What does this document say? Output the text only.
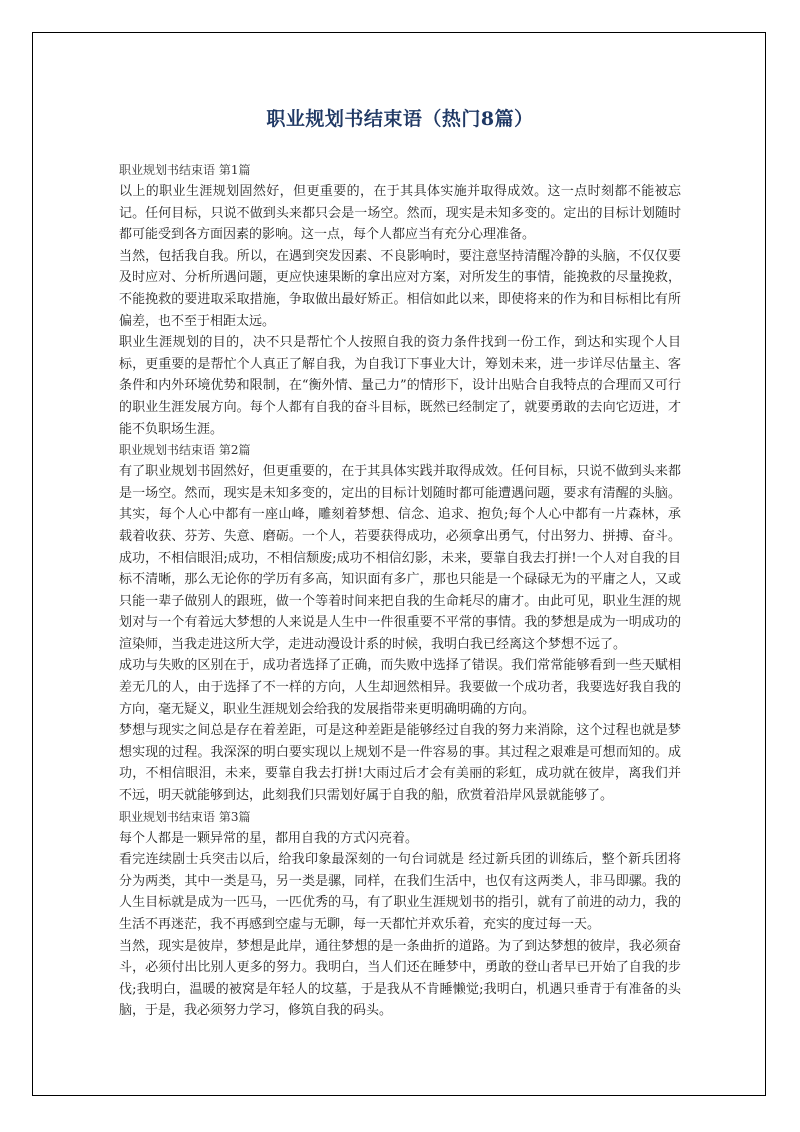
职业规划书结束语（热门8篇）

职业规划书结束语 第1篇

以上的职业生涯规划固然好，但更重要的，在于其具体实施并取得成效。这一点时刻都不能被忘记。任何目标，只说不做到头来都只会是一场空。然而，现实是未知多变的。定出的目标计划随时都可能受到各方面因素的影响。这一点，每个人都应当有充分心理准备。

当然，包括我自我。所以，在遇到突发因素、不良影响时，要注意坚持清醒冷静的头脑，不仅仅要及时应对、分析所遇问题，更应快速果断的拿出应对方案，对所发生的事情，能挽救的尽量挽救，不能挽救的要进取采取措施，争取做出最好矫正。相信如此以来，即使将来的作为和目标相比有所偏差，也不至于相距太远。

职业生涯规划的目的，决不只是帮忙个人按照自我的资力条件找到一份工作，到达和实现个人目标，更重要的是帮忙个人真正了解自我，为自我订下事业大计，筹划未来，进一步详尽估量主、客条件和内外环境优势和限制，在“衡外情、量己力”的情形下，设计出贴合自我特点的合理而又可行的职业生涯发展方向。每个人都有自我的奋斗目标，既然已经制定了，就要勇敢的去向它迈进，才能不负职场生涯。

职业规划书结束语 第2篇

有了职业规划书固然好，但更重要的，在于其具体实践并取得成效。任何目标，只说不做到头来都是一场空。然而，现实是未知多变的，定出的目标计划随时都可能遭遇问题，要求有清醒的头脑。其实，每个人心中都有一座山峰，雕刻着梦想、信念、追求、抱负;每个人心中都有一片森林，承载着收获、芬芳、失意、磨砺。一个人，若要获得成功，必须拿出勇气，付出努力、拼搏、奋斗。成功，不相信眼泪;成功，不相信颓废;成功不相信幻影，未来，要靠自我去打拼!一个人对自我的目标不清晰，那么无论你的学历有多高，知识面有多广，那也只能是一个碌碌无为的平庸之人，又或只能一辈子做别人的跟班，做一个等着时间来把自我的生命耗尽的庸才。由此可见，职业生涯的规划对与一个有着远大梦想的人来说是人生中一件很重要不平常的事情。我的梦想是成为一明成功的渲染师，当我走进这所大学，走进动漫设计系的时候，我明白我已经离这个梦想不远了。

成功与失败的区别在于，成功者选择了正确，而失败中选择了错误。我们常常能够看到一些天赋相差无几的人，由于选择了不一样的方向，人生却迥然相异。我要做一个成功者，我要选好我自我的方向，毫无疑义，职业生涯规划会给我的发展指带来更明确明确的方向。

梦想与现实之间总是存在着差距，可是这种差距是能够经过自我的努力来消除，这个过程也就是梦想实现的过程。我深深的明白要实现以上规划不是一件容易的事。其过程之艰难是可想而知的。成功，不相信眼泪，未来，要靠自我去打拼!大雨过后才会有美丽的彩虹，成功就在彼岸，离我们并不远，明天就能够到达，此刻我们只需划好属于自我的船，欣赏着沿岸风景就能够了。

职业规划书结束语 第3篇

每个人都是一颗异常的星，都用自我的方式闪亮着。

看完连续剧士兵突击以后，给我印象最深刻的一句台词就是 经过新兵团的训练后，整个新兵团将分为两类，其中一类是马，另一类是骡，同样，在我们生活中，也仅有这两类人，非马即骡。我的人生目标就是成为一匹马，一匹优秀的马，有了职业生涯规划书的指引，就有了前进的动力，我的生活不再迷茫，我不再感到空虚与无聊，每一天都忙并欢乐着，充实的度过每一天。

当然，现实是彼岸，梦想是此岸，通往梦想的是一条曲折的道路。为了到达梦想的彼岸，我必须奋斗，必须付出比别人更多的努力。我明白，当人们还在睡梦中，勇敢的登山者早已开始了自我的步伐;我明白，温暖的被窝是年轻人的坟墓，于是我从不肯睡懒觉;我明白，机遇只垂青于有准备的头脑，于是，我必须努力学习，修筑自我的码头。
